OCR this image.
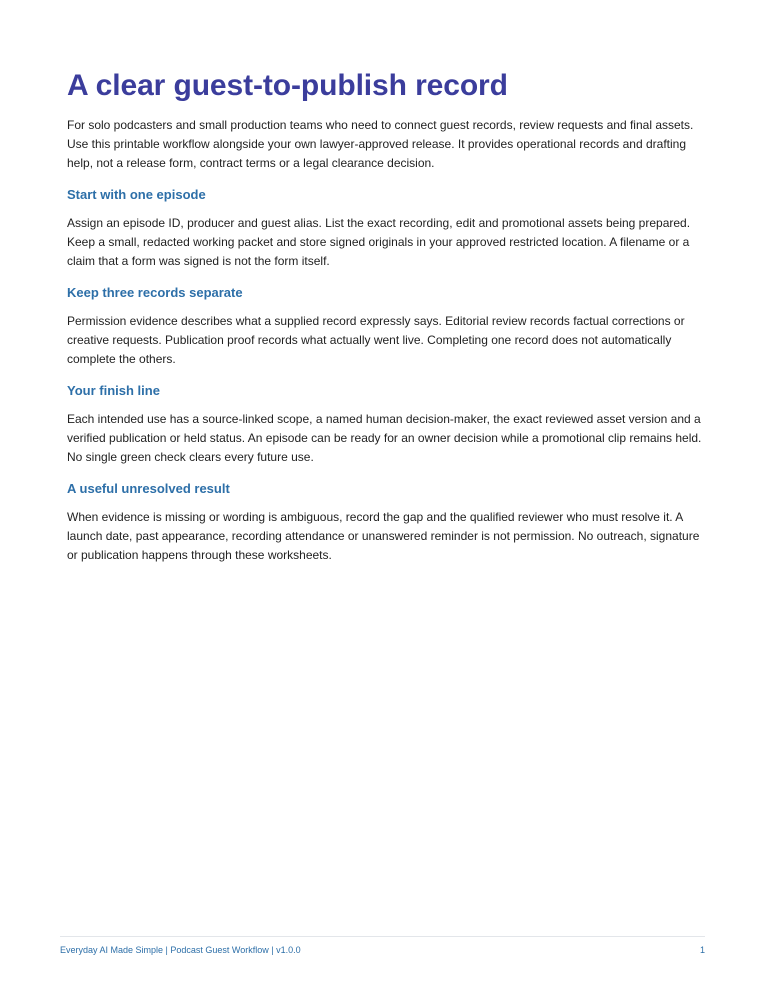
A clear guest-to-publish record

For solo podcasters and small production teams who need to connect guest records, review requests and final assets. Use this printable workflow alongside your own lawyer-approved release. It provides operational records and drafting help, not a release form, contract terms or a legal clearance decision.

Start with one episode

Assign an episode ID, producer and guest alias. List the exact recording, edit and promotional assets being prepared. Keep a small, redacted working packet and store signed originals in your approved restricted location. A filename or a claim that a form was signed is not the form itself.

Keep three records separate

Permission evidence describes what a supplied record expressly says. Editorial review records factual corrections or creative requests. Publication proof records what actually went live. Completing one record does not automatically complete the others.

Your finish line

Each intended use has a source-linked scope, a named human decision-maker, the exact reviewed asset version and a verified publication or held status. An episode can be ready for an owner decision while a promotional clip remains held. No single green check clears every future use.

A useful unresolved result

When evidence is missing or wording is ambiguous, record the gap and the qualified reviewer who must resolve it. A launch date, past appearance, recording attendance or unanswered reminder is not permission. No outreach, signature or publication happens through these worksheets.

Everyday AI Made Simple | Podcast Guest Workflow | v1.0.0	1
